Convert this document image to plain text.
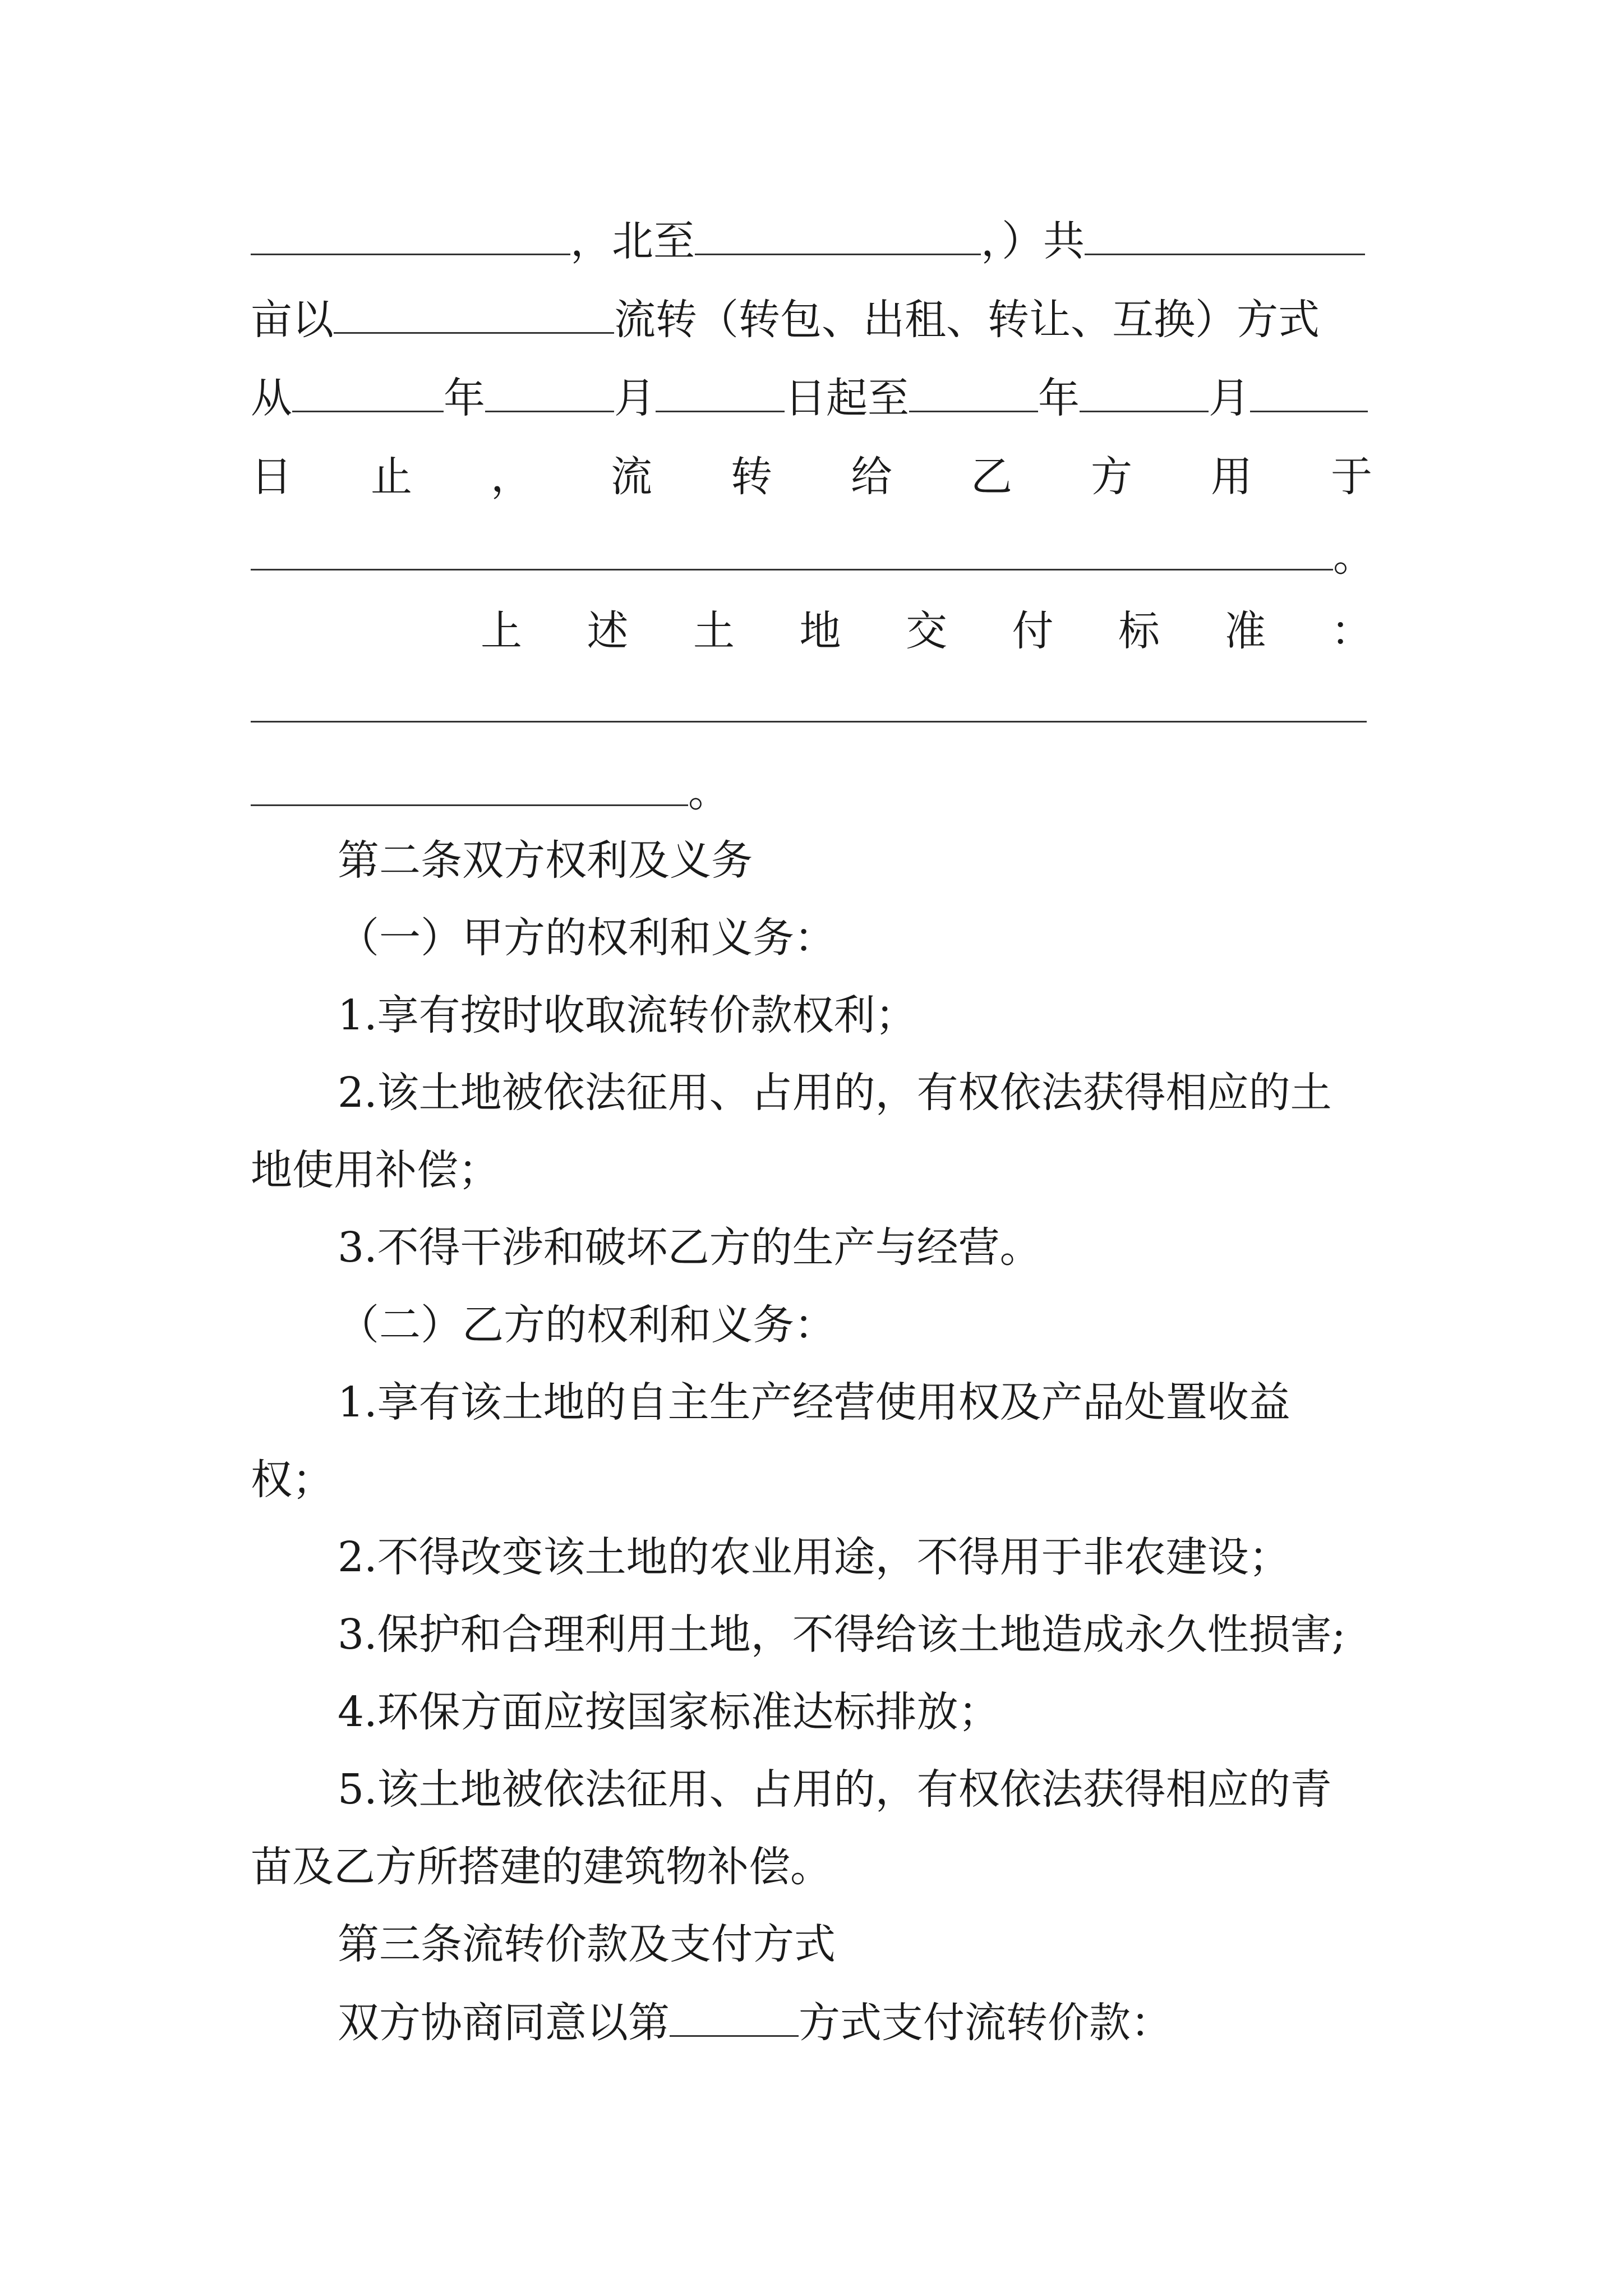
，北至	，）共
亩以	流转（转包、出租、转让、互换）方式
从	年	月	日起至	年	月
日 止 ， 流 转 给 乙 方 用 于
。
上 述 土 地 交 付 标 准 ：
。
第二条双方权利及义务
（一）甲方的权利和义务：
1.享有按时收取流转价款权利；
2.该土地被依法征用、占用的，有权依法获得相应的土
地使用补偿；
3.不得干涉和破坏乙方的生产与经营。
（二）乙方的权利和义务：
1.享有该土地的自主生产经营使用权及产品处置收益
权；
2.不得改变该土地的农业用途，不得用于非农建设；
3.保护和合理利用土地，不得给该土地造成永久性损害;
4.环保方面应按国家标准达标排放；
5.该土地被依法征用、占用的，有权依法获得相应的青
苗及乙方所搭建的建筑物补偿。
第三条流转价款及支付方式
双方协商同意以第	方式支付流转价款：
